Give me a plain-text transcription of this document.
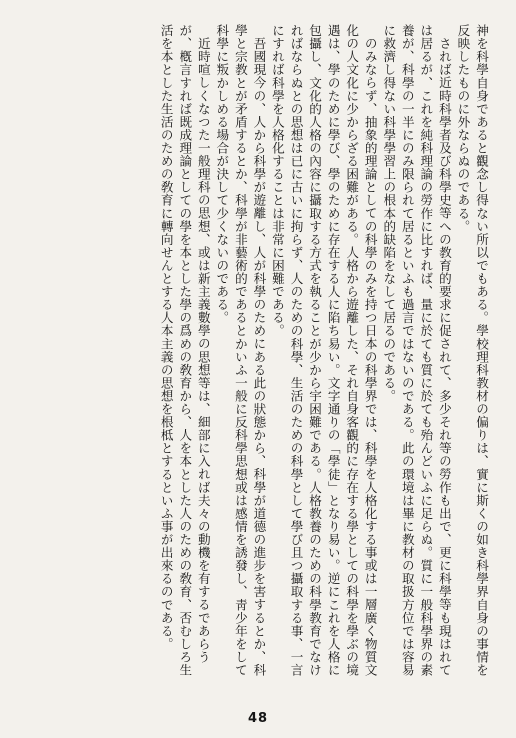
神を科學自身であると觀念し得ない所以でもある。學校理科教材の偏りは、實に斯くの如き科學界自身の事情を反映したものに外ならぬのである。

されば近時科學者及び科學史等への教育的要求に促されて、多少それ等の勞作も出で、更に科學等も現はれては居るが、これを純科理論の勞作に比すれば、量に於ても質に於ても殆んどいふに足らぬ。質に一般科學界の素養が、科學の一半にのみ限られて居るといふも過言ではないのである。此の環境は畢に教材の取扱方位では容易に救濟し得ない科學學習上の根本的缺陷をなして居るのである。

のみならず、抽象的理論としての科學のみを持つ日本の科學界では、科學を人格化する事或は一層廣く物質文化の人文化に少からざる困難がある。人格から遊離した、それ自身客觀的に存在する學としての科學を學ぶの境遇は、學のために學び、學のために存在する人に陷ち易い。文字通りの「學徒」となり易い。逆にこれを人格に包攝し、文化的人格の內容に攝取する方式を執ることが少から宇困難である。人格教養のための科學教育でなければならぬとの思想は已に古いに拘らず、人のための科學、生活のための科學として學び且つ攝取する事、一言にすれば科學を人格化することは非常に困難である。

吾國現今の、人から科學が遊離し、人が科學のためにある此の狀態から、科學が道德の進步を害するとか、科學と宗教とが矛盾するとか、科學が非藝術的であるとかいふ一般に反科學思想或は感情を誘發し、靑少年をして科學に叛かしめる場合が決して少くないのである。

近時喧しくなつた一般理科の思想、或は新主義數學の思想等は、細部に入れば夫々の動機を有するであらうが、槪言すれば既成理論としての學を本とした學の爲めの敎育から、人を本とした人のための敎育、否むしろ生活を本とした生活のための敎育に轉向せんとする人本主義の思想を根柢とするといふ事が出來るのである。

48
